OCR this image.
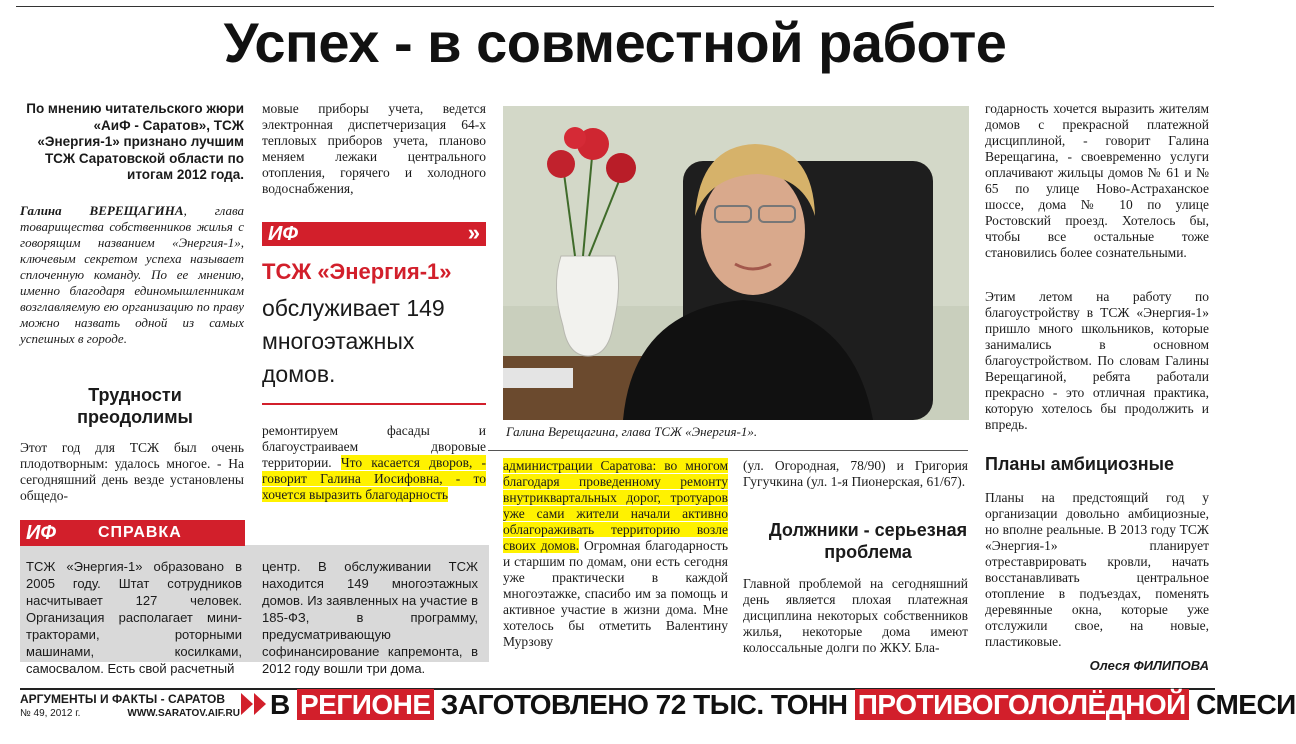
Успех - в совместной работе
По мнению читательского жюри «АиФ - Саратов», ТСЖ «Энергия-1» признано лучшим ТСЖ Саратовской области по итогам 2012 года.
Галина ВЕРЕЩАГИНА, глава товарищества собственников жилья с говорящим названием «Энергия-1», ключевым секретом успеха называет сплоченную команду. По ее мнению, именно благодаря единомышленникам возглавляемую ею организацию по праву можно назвать одной из самых успешных в городе.
Трудности преодолимы
Этот год для ТСЖ был очень плодотворным: удалось многое. - На сегодняшний день везде установлены общедо-
мовые приборы учета, ведется электронная диспетчеризация 64-х тепловых приборов учета, планово меняем лежаки центрального отопления, горячего и холодного водоснабжения,
ИФ	»
ТСЖ «Энергия-1»
обслуживает 149 многоэтажных домов.
ремонтируем фасады и благоустраиваем дворовые территории. Что касается дворов, - говорит Галина Иосифовна, - то хочется выразить благодарность
ИФ	СПРАВКА
ТСЖ «Энергия-1» образовано в 2005 году. Штат сотрудников насчитывает 127 человек. Организация располагает мини-тракторами, роторными машинами, косилками, самосвалом. Есть свой расчетный
центр. В обслуживании ТСЖ находится 149 многоэтажных домов. Из заявленных на участие в 185-ФЗ, в программу, предусматривающую софинансирование капремонта, в 2012 году вошли три дома.
Галина Верещагина, глава ТСЖ «Энергия-1».
администрации Саратова: во многом благодаря проведенному ремонту внутриквартальных дорог, тротуаров уже сами жители начали активно облагораживать территорию возле своих домов. Огромная благодарность и старшим по домам, они есть сегодня уже практически в каждой многоэтажке, спасибо им за помощь и активное участие в жизни дома. Мне хотелось бы отметить Валентину Мурзову
(ул. Огородная, 78/90) и Григория Гугучкина (ул. 1-я Пионерская, 61/67).
Должники - серьезная проблема
Главной проблемой на сегодняшний день является плохая платежная дисциплина некоторых собственников жилья, некоторые дома имеют колоссальные долги по ЖКУ. Бла-
годарность хочется выразить жителям домов с прекрасной платежной дисциплиной, - говорит Галина Верещагина, - своевременно услуги оплачивают жильцы домов № 61 и № 65 по улице Ново-Астраханское шоссе, дома № 10 по улице Ростовский проезд. Хотелось бы, чтобы все остальные тоже становились более сознательными.
Этим летом на работу по благоустройству в ТСЖ «Энергия-1» пришло много школьников, которые занимались в основном благоустройством. По словам Галины Верещагиной, ребята работали прекрасно - это отличная практика, которую хотелось бы продолжить и впредь.
Планы амбициозные
Планы на предстоящий год у организации довольно амбициозные, но вполне реальные. В 2013 году ТСЖ «Энергия-1» планирует отреставрировать кровли, начать восстанавливать центральное отопление в подъездах, поменять деревянные окна, которые уже отслужили свое, на новые, пластиковые.
Олеся ФИЛИПОВА
АРГУМЕНТЫ И ФАКТЫ - САРАТОВ
№ 49, 2012 г.	WWW.SARATOV.AIF.RU В РЕГИОНЕ ЗАГОТОВЛЕНО 72 ТЫС. ТОНН ПРОТИВОГОЛОЛЁДНОЙ СМЕСИ
